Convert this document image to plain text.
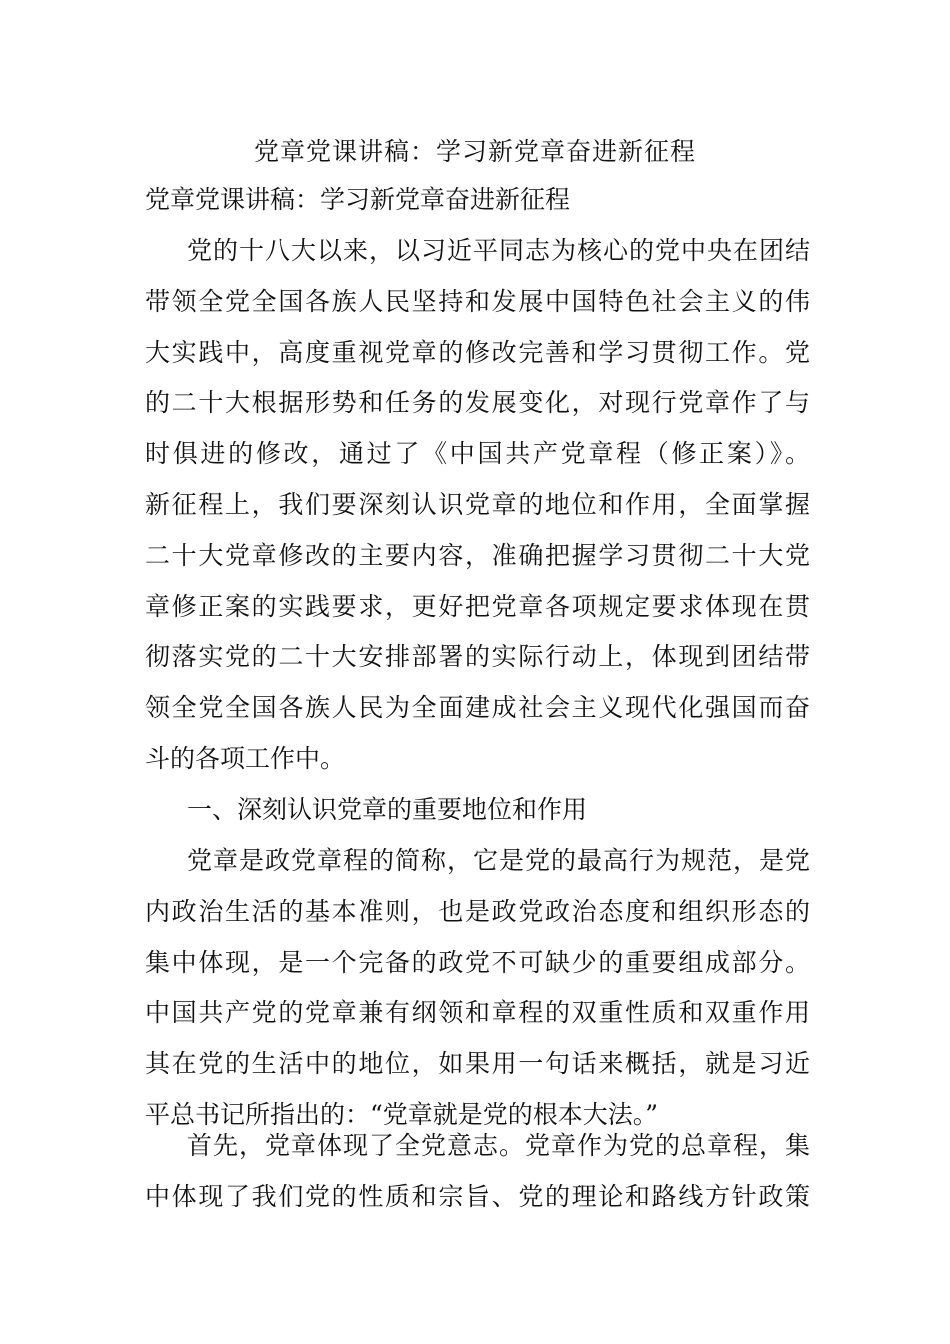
党章党课讲稿：学习新党章奋进新征程
党章党课讲稿：学习新党章奋进新征程
党的十八大以来，以习近平同志为核心的党中央在团结
带领全党全国各族人民坚持和发展中国特色社会主义的伟
大实践中，高度重视党章的修改完善和学习贯彻工作。党
的二十大根据形势和任务的发展变化，对现行党章作了与
时俱进的修改，通过了《中国共产党章程（修正案）》。
新征程上，我们要深刻认识党章的地位和作用，全面掌握
二十大党章修改的主要内容，准确把握学习贯彻二十大党
章修正案的实践要求，更好把党章各项规定要求体现在贯
彻落实党的二十大安排部署的实际行动上，体现到团结带
领全党全国各族人民为全面建成社会主义现代化强国而奋
斗的各项工作中。
一、深刻认识党章的重要地位和作用
党章是政党章程的简称，它是党的最高行为规范，是党
内政治生活的基本准则，也是政党政治态度和组织形态的
集中体现，是一个完备的政党不可缺少的重要组成部分。
中国共产党的党章兼有纲领和章程的双重性质和双重作用
其在党的生活中的地位，如果用一句话来概括，就是习近
平总书记所指出的：“党章就是党的根本大法。”
首先，党章体现了全党意志。党章作为党的总章程，集
中体现了我们党的性质和宗旨、党的理论和路线方针政策
